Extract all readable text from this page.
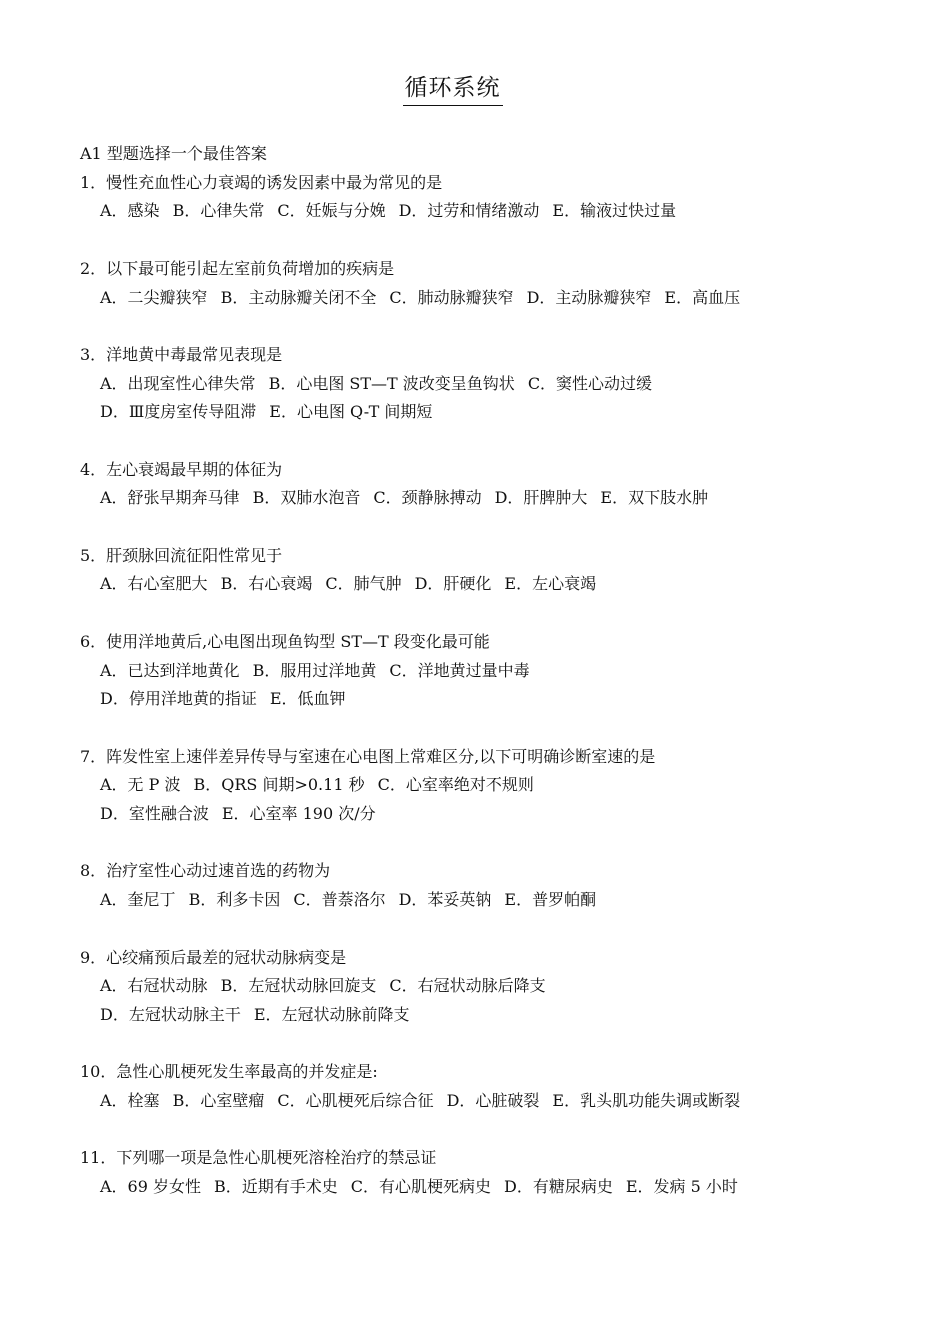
循环系统
A1 型题选择一个最佳答案
1．慢性充血性心力衰竭的诱发因素中最为常见的是
A．感染 B．心律失常 C．妊娠与分娩 D．过劳和情绪激动 E．输液过快过量
2．以下最可能引起左室前负荷增加的疾病是
A．二尖瓣狭窄 B．主动脉瓣关闭不全 C．肺动脉瓣狭窄 D．主动脉瓣狭窄 E．高血压
3．洋地黄中毒最常见表现是
A．出现室性心律失常 B．心电图 ST—T 波改变呈鱼钩状 C．窦性心动过缓
D．Ⅲ度房室传导阻滞 E．心电图 Q-T 间期短
4．左心衰竭最早期的体征为
A．舒张早期奔马律 B．双肺水泡音 C．颈静脉搏动 D．肝脾肿大 E．双下肢水肿
5．肝颈脉回流征阳性常见于
A．右心室肥大 B．右心衰竭 C．肺气肿 D．肝硬化 E．左心衰竭
6．使用洋地黄后,心电图出现鱼钩型 ST—T 段变化最可能
A．已达到洋地黄化 B．服用过洋地黄 C．洋地黄过量中毒
D．停用洋地黄的指证 E．低血钾
7．阵发性室上速伴差异传导与室速在心电图上常难区分,以下可明确诊断室速的是
A．无 P 波 B．QRS 间期>0.11 秒 C．心室率绝对不规则
D．室性融合波 E．心室率 190 次/分
8．治疗室性心动过速首选的药物为
A．奎尼丁 B．利多卡因 C．普萘洛尔 D．苯妥英钠 E．普罗帕酮
9．心绞痛预后最差的冠状动脉病变是
A．右冠状动脉 B．左冠状动脉回旋支 C．右冠状动脉后降支
D．左冠状动脉主干 E．左冠状动脉前降支
10．急性心肌梗死发生率最高的并发症是:
A．栓塞 B．心室壁瘤 C．心肌梗死后综合征 D．心脏破裂 E．乳头肌功能失调或断裂
11．下列哪一项是急性心肌梗死溶栓治疗的禁忌证
A．69 岁女性 B．近期有手术史 C．有心肌梗死病史 D．有糖尿病史 E．发病 5 小时
